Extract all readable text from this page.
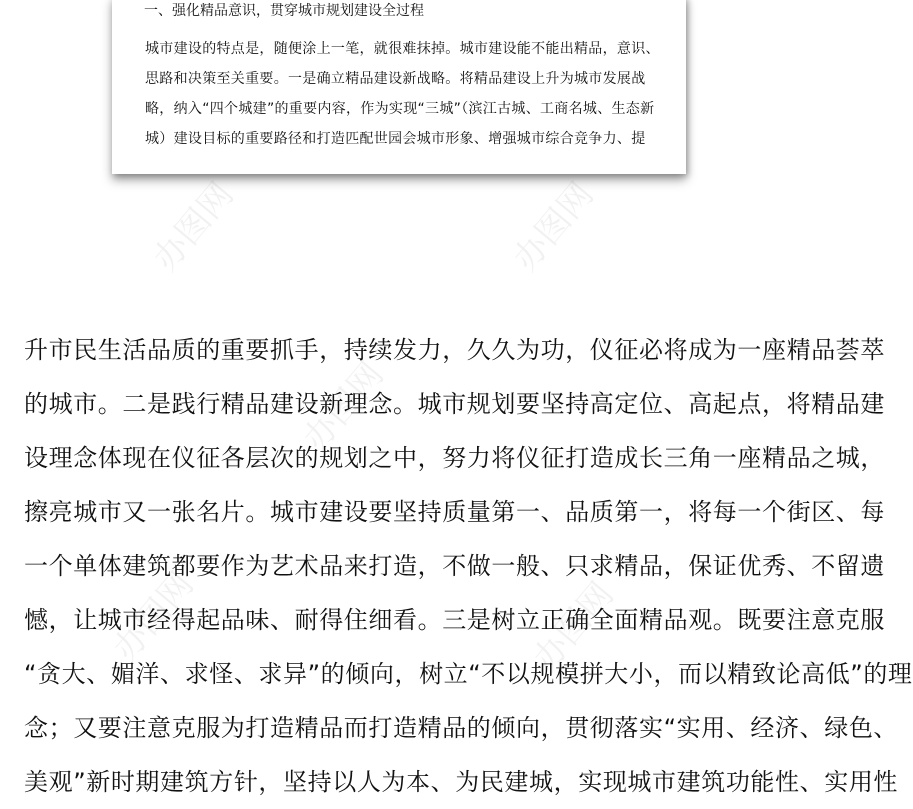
一、强化精品意识，贯穿城市规划建设全过程
城市建设的特点是，随便涂上一笔，就很难抹掉。城市建设能不能出精品，意识、
思路和决策至关重要。一是确立精品建设新战略。将精品建设上升为城市发展战
略，纳入“四个城建”的重要内容，作为实现“三城”（滨江古城、工商名城、生态新
城）建设目标的重要路径和打造匹配世园会城市形象、增强城市综合竞争力、提
升市民生活品质的重要抓手，持续发力，久久为功，仪征必将成为一座精品荟萃
的城市。二是践行精品建设新理念。城市规划要坚持高定位、高起点，将精品建
设理念体现在仪征各层次的规划之中，努力将仪征打造成长三角一座精品之城，
擦亮城市又一张名片。城市建设要坚持质量第一、品质第一，将每一个街区、每
一个单体建筑都要作为艺术品来打造，不做一般、只求精品，保证优秀、不留遗
憾，让城市经得起品味、耐得住细看。三是树立正确全面精品观。既要注意克服
“贪大、媚洋、求怪、求异”的倾向，树立“不以规模拼大小，而以精致论高低”的理
念；又要注意克服为打造精品而打造精品的倾向，贯彻落实“实用、经济、绿色、
美观”新时期建筑方针，坚持以人为本、为民建城，实现城市建筑功能性、实用性
办图网	办图网
办图网
办图网	办图网
